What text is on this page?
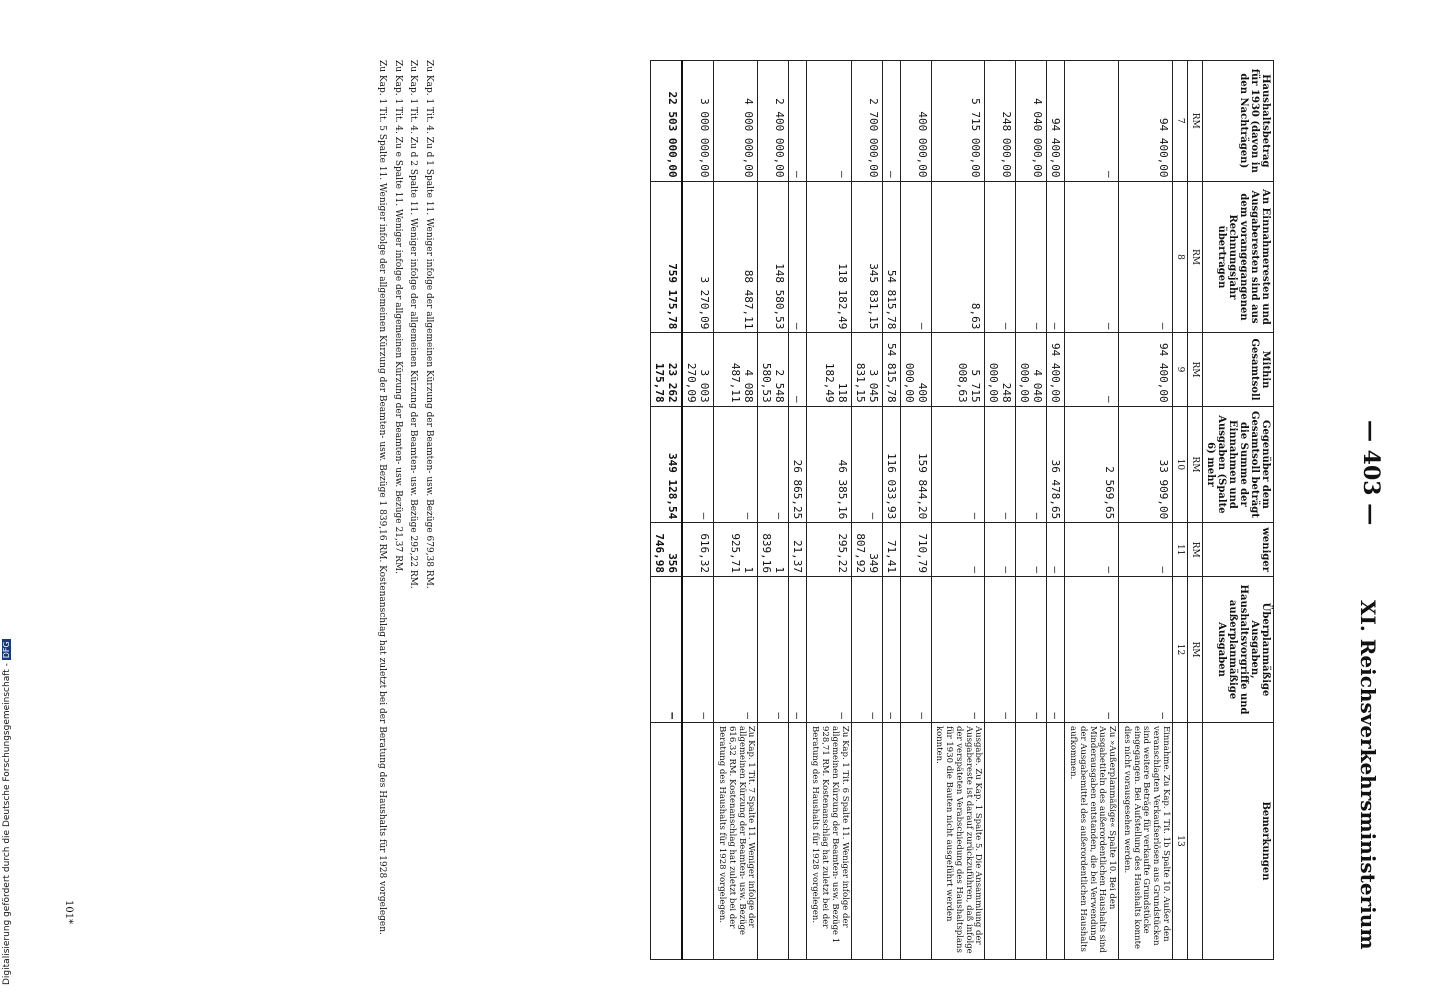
— 403 —
XI. Reichsverkehrsministerium
Haushaltsbetrag für 1930 (davon in den Nachträgen)	An Einnahmeresten und Ausgaberesten sind aus dem vorangegangenen Rechnungsjahr übertragen	Mithin Gesamtsoll	Gegenüber dem Gesamtsoll beträgt die Summe der Einnahmen und Ausgaben (Spalte 6) mehr	weniger	Überplanmäßige Ausgaben, Haushaltsvorgriffe und außerplanmäßige Ausgaben	Bemerkungen
RM	RM	RM	RM	RM	RM	
7	8	9	10	11	12	13
94 400,00	—	94 400,00	33 909,00	—	—	Einnahme. Zu Kap. 1 Tit. 1b Spalte 10. Außer den veranschlagten Verkaufserlösen aus Grundstücken sind weitere Beträge für verkaufte Grundstücke eingegangen. Bei Aufstellung des Haushalts konnte dies nicht vorausgesehen werden.
—	—	—	2 569,65	—	—	Zu »Außerplanmäßige« Spalte 10. Bei den Ausgabetiteln des außerordentlichen Haushalts sind Minderausgaben entstanden, die bei Verwendung der Ausgabemittel des außerordentlichen Haushalts aufkommen.
94 400,00	—	94 400,00	36 478,65	—	—	
4 040 000,00	—	4 040 000,00	—	—	—	
248 000,00	—	248 000,00	—	—	—	
5 715 000,00	8,63	5 715 008,63	—	—	—	Ausgabe. Zu Kap. 1 Spalte 5. Die Ansammlung der Ausgabereste ist darauf zurückzuführen, daß infolge der verspäteten Verabschiedung des Haushaltsplans für 1930 die Bauten nicht ausgeführt werden konnten.
400 000,00	—	400 000,00	159 844,20	710,79	—	
—	54 815,78	54 815,78	116 033,93	71,41	—	
2 700 000,00	345 831,15	3 045 831,15	—	349 807,92	—	
—	118 182,49	118 182,49	46 385,16	295,22	—	Zu Kap. 1 Tit. 6 Spalte 11. Weniger infolge der allgemeinen Kürzung der Beamten- usw. Bezüge 1 928,71 RM. Kostenanschlag hat zuletzt bei der Beratung des Haushalts für 1928 vorgelegen.
—	—	—	26 865,25	21,37	—	
2 400 000,00	148 580,53	2 548 580,53	—	1 839,16	—	
4 000 000,00	88 487,11	4 088 487,11	—	1 925,71	—	Zu Kap. 1 Tit. 7 Spalte 11. Weniger infolge der allgemeinen Kürzung der Beamten- usw. Bezüge 616,32 RM. Kostenanschlag hat zuletzt bei der Beratung des Haushalts für 1928 vorgelegen.
3 000 000,00	3 270,09	3 003 270,09	—	616,32	—	
22 503 000,00	759 175,78	23 262 175,78	349 128,54	356 746,98	—	

Zu Kap. 1 Tit. 4. Zu d 1 Spalte 11. Weniger infolge der allgemeinen Kürzung der Beamten- usw. Bezüge 679,38 RM.

Zu Kap. 1 Tit. 4. Zu d 2 Spalte 11. Weniger infolge der allgemeinen Kürzung der Beamten- usw. Bezüge 295,22 RM.

Zu Kap. 1 Tit. 4. Zu e Spalte 11. Weniger infolge der allgemeinen Kürzung der Beamten- usw. Bezüge 21,37 RM.

Zu Kap. 1 Tit. 5 Spalte 11. Weniger infolge der allgemeinen Kürzung der Beamten- usw. Bezüge 1 839,16 RM. Kostenanschlag hat zuletzt bei der Beratung des Haushalts für 1928 vorgelegen.

101*
Digitalisierung gefördert durch die Deutsche Forschungsgemeinschaft - DFG
